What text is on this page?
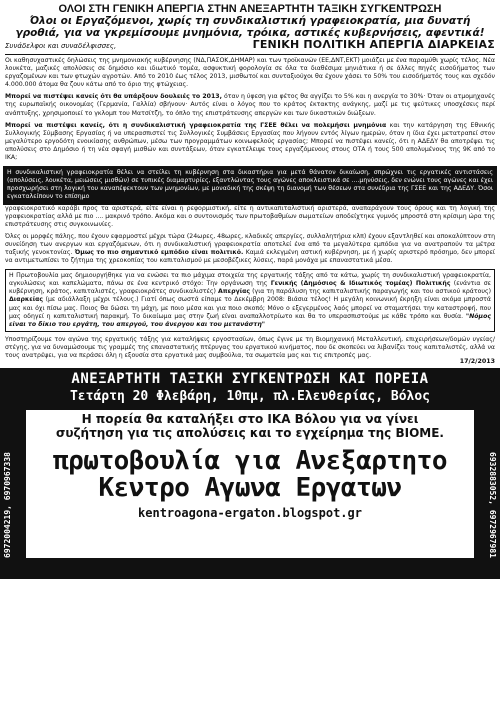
ΟΛΟΙ ΣΤΗ ΓΕΝΙΚΗ ΑΠΕΡΓΙΑ ΣΤΗΝ ΑΝΕΞΑΡΤΗΤΗ ΤΑΞΙΚΗ ΣΥΓΚΕΝΤΡΩΣΗ
Όλοι οι Εργαζόμενοι, χωρίς τη συνδικαλιστική γραφειοκρατία, μια δυνατή
γροθιά, για να γκρεμίσουμε μνημόνια, τρόικα, αστικές κυβερνήσεις, αφεντικά!
Συνάδελφοι και συναδέλφισσες,	ΓΕΝΙΚΗ ΠΟΛΙΤΙΚΗ ΑΠΕΡΓΙΑ ΔΙΑΡΚΕΙΑΣ

Οι καθησυχαστικές δηλώσεις της μνημονιακής κυβέρνησης (ΝΔ,ΠΑΣΟΚ,ΔΗΜΑΡ) και των τροϊκανών (ΕΕ,ΔΝΤ,ΕΚΤ) μοιάζει με ένα παραμύθι χωρίς τέλος. Νέα λουκέτα, μαζικές απολύσεις σε δημόσιο και ιδιωτικό τομέα, ασφυκτική φορολογία σε όλα τα διαθέσιμα μηνιάτικα ή σε άλλες πηγές εισοδήματος των εργαζομένων και των φτωχών αγροτών. Από το 2010 έως τέλος 2013, μισθωτοί και συνταξιούχοι θα έχουν χάσει το 50% του εισοδήματός τους και σχεδόν 4.000.000 άτομα θα ζουν κάτω από το όριο της φτώχειας.

Μπορεί να πιστέψει κανείς ότι θα υπάρξουν δουλειές το 2013, όταν η ύφεση για φέτος θα αγγίζει το 5% και η ανεργία το 30%· Όταν οι ατμομηχανές της ευρωπαϊκής οικονομίας (Γερμανία, Γαλλία) σβήνουν· Αυτός είναι ο λόγος που το κράτος έκτακτης ανάγκης, μαζί με τις ψεύτικες υποσχέσεις περί ανάπτυξης, χρησιμοποιεί το γκλομπ του Ματσίτζη, το όπλο της επιστράτευσης απεργών και των δικαστικών διώξεων.

Μπορεί να πιστέψει κανείς, ότι η συνδικαλιστική γραφειοκρατία της ΓΣΕΕ θέλει να πολεμήσει μνημόνια και την κατάργηση της Εθνικής Συλλογικής Σύμβασης Εργασίας ή να υπερασπιστεί τις Συλλογικές Συμβάσεις Εργασίας που λήγουν εντός λίγων ημερών, όταν η ίδια έχει μετατραπεί στον μεγαλύτερο εργοδότη ενοικίασης ανθρώπων, μέσω των προγραμμάτων κοινωφελούς εργασίας; Μπορεί να πιστέψει κανείς, ότι η ΑΔΕΔΥ θα αποτρέψει τις απολύσεις στο Δημόσιο ή τη νέα σφαγή μισθών και συντάξεων, όταν εγκατέλειψε τους εργαζόμενους στους ΟΤΑ ή τους 500 απολυμένους της 9Κ από το ΙΚΑ;

Η συνδικαλιστική γραφειοκρατία θέλει να στείλει τη κυβέρνηση στα δικαστήρια για μετά θάνατον δικαίωση, σπρώχνει τις εργατικές αντιστάσεις (απολύσεις, λουκέτα, μειώσεις μισθών) σε τυπικές διαμαρτυρίες, εξαντλώντας τους αγώνες αποκλειστικά σε ....μηνύσεις, δεν ενώνει τους αγώνες και έχει προσχωρήσει στη λογική του καναπέφεκτουν των μνημονίων, με μοναδική της σκέψη τη διανομή των θέσεων στα συνέδρια της ΓΣΕΕ και της ΑΔΕΔΥ. Όσοι εγκαταλείπουν το επίσημο

γραφειοκρατικό καράβι προς τα αριστερά, είτε είναι η ρεφορμιστική, είτε η αντικαπιταλιστική αριστερά, αναπαράγουν τους όρους και τη λογική της γραφειοκρατίας αλλά με πιο .... μακρινό τρόπο. Ακόμα και ο συντονισμός των πρωτοβαθμίων σωματείων αποδείχτηκε γυμνός μπροστά στη κρίσιμη ώρα της επιστράτευσης στις συγκοινωνίες.

Όλες οι μορφές πάλης, που έχουν εφαρμοστεί μέχρι τώρα (24ωρες, 48ωρες, κλαδικές απεργίες, συλλαλητήρια κλπ) έχουν εξαντληθεί και αποκαλύπτουν στη συνείδηση των ανεργων και εργαζόμενων, ότι η συνδικαλιστική γραφειοκρατία αποτελεί ένα από τα μεγαλύτερα εμπόδια για να ανατραπούν τα μέτρα ταξικής γενοκτονίας. Όμως το πιο σημαντικό εμπόδιο είναι πολιτικό. Καμιά εκλεγμένη αστική κυβέρνηση, με ή χωρίς αριστερό πρόσημο, δεν μπορεί να αντιμετωπίσει το ζήτημα της χρεοκοπίας του καπιταλισμού με μεσοβέζικες λύσεις, παρά μονάχα με επαναστατικά μέσα.

Η Πρωτοβουλία μας δημιουργήθηκε για να ενώσει τα πιο μάχιμα στοιχεία της εργατικής τάξης από τα κάτω, χωρίς τη συνδικαλιστική γραφειοκρατία, αγκυλώσεις και καπελώματα, πάνω σε ένα κεντρικό στόχο: Την οργάνωση της Γενικής (Δημόσιος & Ιδιωτικός τομέας) Πολιτικής (ενάντια σε κυβέρνηση, κράτος, καπιταλιστές, γραφειοκράτες συνδικαλιστές) Απεργίας (για τη παράλυση της καπιταλιστικής παραγωγής και του αστικού κράτους) Διαρκείας (με αδιάλλαξη μέχρι τέλους.) Γιατί όπως σωστά είπαμε το Δεκέμβρη 2008: Βιάσια τέλος! Η μεγάλη κοινωνική έκρηξη είναι ακόμα μπροστά μας και όχι πίσω μας. Ποιος θα δώσει τη μάχη, με ποιο μέσα και για ποιο σκοπό; Μόνο ο εξεγερμένος λαός μπορεί να σταματήσει την καταστροφή, που μας οδηγεί η καπιταλιστική παρακμή. Το δικαίωμα μας στην ζωή είναι αναπαλλοτρίωτο και θα το υπερασπιστούμε με κάθε τρόπο και θυσία. "Νόμος είναι το δίκιο του εργάτη, του απεργού, του άνεργου και του μετανάστη"

Υποστηρίζουμε τον αγώνα της εργατικής τάξης για καταλήψεις εργοστασίων, όπως έγινε με τη Βιομηχανική Μεταλλευτική, επιχειρήσεων/δομών υγείας/στέγης, για να δυναμώσουμε τις γραμμές της επαναστατικής πτέρυγας του εργατικού κινήματος, που δε σκοπεύει να λιβανίζει τους καπιταλιστές, αλλά να τους ανατρέψει, για να περάσει όλη η εξουσία στα εργατικά μας συμβούλια, τα σωματεία μας και τις επιτροπές μας.

17/2/2013
ΑΝΕΞΑΡΤΗΤΗ ΤΑΞΙΚΗ ΣΥΓΚΕΝΤΡΩΣΗ ΚΑΙ ΠΟΡΕΙΑ
Τετάρτη 20 Φλεβάρη, 10πμ, πλ.Ελευθερίας, Βόλος
Η πορεία θα καταλήξει στο ΙΚΑ Βόλου για να γίνει
συζήτηση για τις απολύσεις και το εγχείρημα της ΒΙΟΜΕ.
πρωτοβουλία για Ανεξαρτητο
Κεντρο Αγωνα Εργατων
kentroagona-ergaton.blogspot.gr
6972004219, 6970967338	6932883052, 6972967981
